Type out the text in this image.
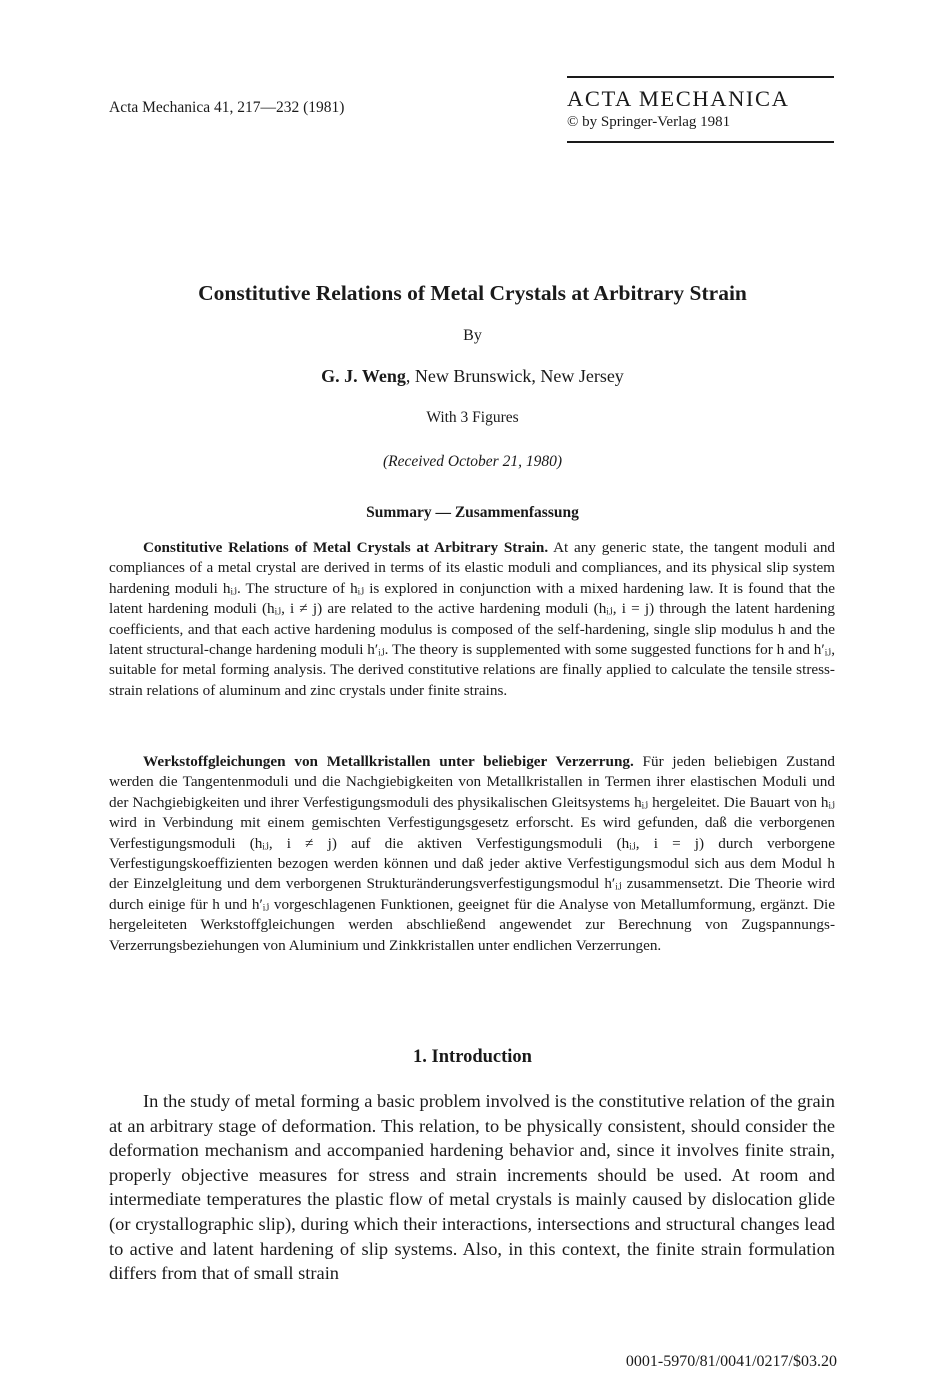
Acta Mechanica 41, 217—232 (1981)	ACTA MECHANICA
© by Springer-Verlag 1981
Constitutive Relations of Metal Crystals at Arbitrary Strain
By
G. J. Weng, New Brunswick, New Jersey
With 3 Figures
(Received October 21, 1980)
Summary — Zusammenfassung
Constitutive Relations of Metal Crystals at Arbitrary Strain. At any generic state, the tangent moduli and compliances of a metal crystal are derived in terms of its elastic moduli and compliances, and its physical slip system hardening moduli hᵢⱼ. The structure of hᵢⱼ is explored in conjunction with a mixed hardening law. It is found that the latent hardening moduli (hᵢⱼ, i ≠ j) are related to the active hardening moduli (hᵢⱼ, i = j) through the latent hardening coefficients, and that each active hardening modulus is composed of the self-hardening, single slip modulus h and the latent structural-change hardening moduli h′ᵢⱼ. The theory is supplemented with some suggested functions for h and h′ᵢⱼ, suitable for metal forming analysis. The derived constitutive relations are finally applied to calculate the tensile stress-strain relations of aluminum and zinc crystals under finite strains.
Werkstoffgleichungen von Metallkristallen unter beliebiger Verzerrung. Für jeden beliebigen Zustand werden die Tangentenmoduli und die Nachgiebigkeiten von Metallkristallen in Termen ihrer elastischen Moduli und der Nachgiebigkeiten und ihrer Verfestigungsmoduli des physikalischen Gleitsystems hᵢⱼ hergeleitet. Die Bauart von hᵢⱼ wird in Verbindung mit einem gemischten Verfestigungsgesetz erforscht. Es wird gefunden, daß die verborgenen Verfestigungsmoduli (hᵢⱼ, i ≠ j) auf die aktiven Verfestigungsmoduli (hᵢⱼ, i = j) durch verborgene Verfestigungskoeffizienten bezogen werden können und daß jeder aktive Verfestigungsmodul sich aus dem Modul h der Einzelgleitung und dem verborgenen Strukturänderungsverfestigungsmodul h′ᵢⱼ zusammensetzt. Die Theorie wird durch einige für h und h′ᵢⱼ vorgeschlagenen Funktionen, geeignet für die Analyse von Metallumformung, ergänzt. Die hergeleiteten Werkstoffgleichungen werden abschließend angewendet zur Berechnung von Zugspannungs-Verzerrungsbeziehungen von Aluminium und Zinkkristallen unter endlichen Verzerrungen.
1. Introduction
In the study of metal forming a basic problem involved is the constitutive relation of the grain at an arbitrary stage of deformation. This relation, to be physically consistent, should consider the deformation mechanism and accompanied hardening behavior and, since it involves finite strain, properly objective measures for stress and strain increments should be used. At room and intermediate temperatures the plastic flow of metal crystals is mainly caused by dislocation glide (or crystallographic slip), during which their interactions, intersections and structural changes lead to active and latent hardening of slip systems. Also, in this context, the finite strain formulation differs from that of small strain
0001-5970/81/0041/0217/$03.20
